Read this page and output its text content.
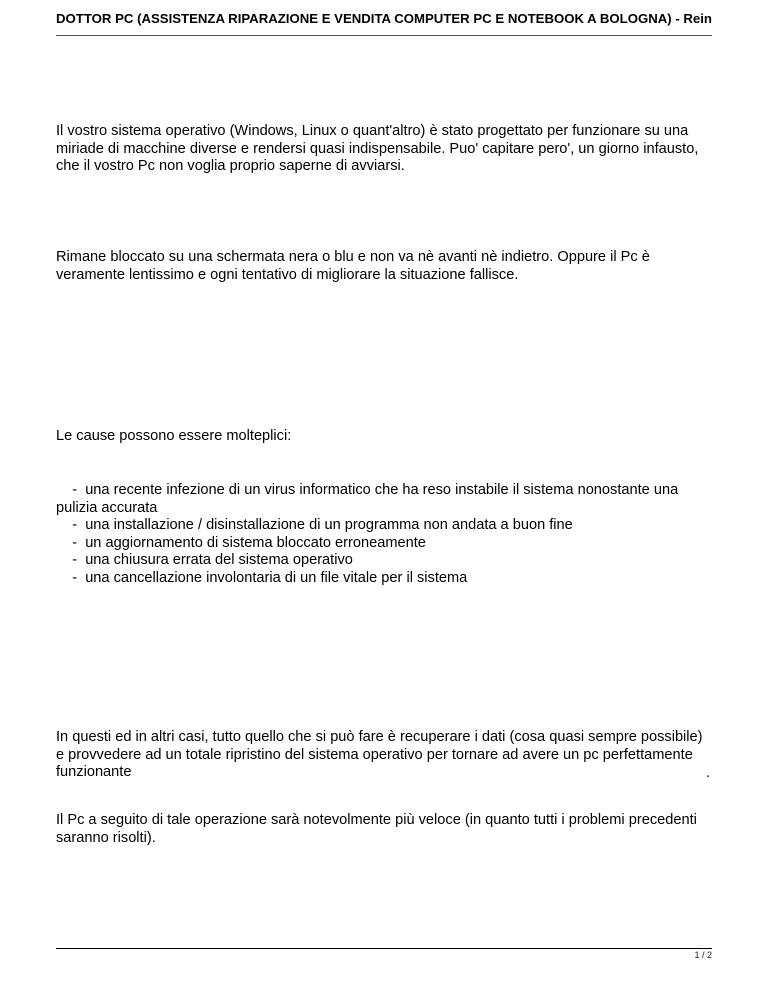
DOTTOR PC (ASSISTENZA RIPARAZIONE E VENDITA COMPUTER PC E NOTEBOOK A BOLOGNA) - Rein
Il vostro sistema operativo (Windows, Linux o quant'altro) è stato progettato per funzionare su una miriade di macchine diverse e rendersi quasi indispensabile. Puo' capitare pero', un giorno infausto, che il vostro Pc non voglia proprio saperne di avviarsi.
Rimane bloccato su una schermata nera o blu e non va nè avanti nè indietro. Oppure il Pc è veramente lentissimo e ogni tentativo di migliorare la situazione fallisce.
Le cause possono essere molteplici:
-  una recente infezione di un virus informatico che ha reso instabile il sistema nonostante una pulizia accurata
-  una installazione / disinstallazione di un programma non andata a buon fine
-  un aggiornamento di sistema bloccato erroneamente
-  una chiusura errata del sistema operativo
-  una cancellazione involontaria di un file vitale per il sistema
In questi ed in altri casi, tutto quello che si può fare è recuperare i dati (cosa quasi sempre possibile) e provvedere ad un totale ripristino del sistema operativo per tornare ad avere un pc perfettamente funzionante	.
Il Pc a seguito di tale operazione sarà notevolmente più veloce (in quanto tutti i problemi precedenti saranno risolti).
1 / 2
